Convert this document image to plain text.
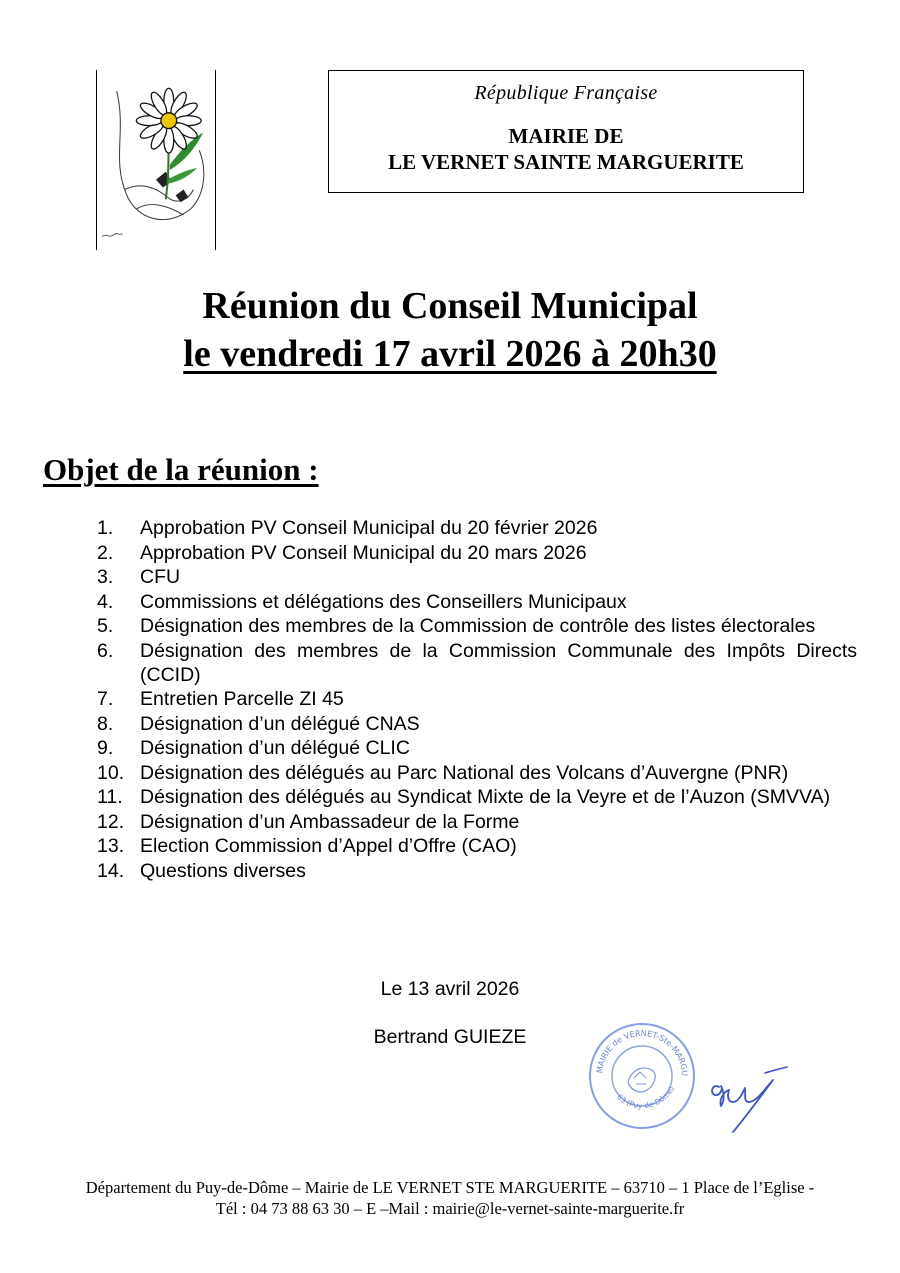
République Française
MAIRIE DE
LE VERNET SAINTE MARGUERITE
Réunion du Conseil Municipal
le vendredi 17 avril 2026 à 20h30
Objet de la réunion :
1.	Approbation PV Conseil Municipal du 20 février 2026
2.	Approbation PV Conseil Municipal du 20 mars 2026
3.	CFU
4.	Commissions et délégations des Conseillers Municipaux
5.	Désignation des membres de la Commission de contrôle des listes électorales
6.	Désignation des membres de la Commission Communale des Impôts Directs (CCID)
7.	Entretien Parcelle ZI 45
8.	Désignation d’un délégué CNAS
9.	Désignation d’un délégué CLIC
10. Désignation des délégués au Parc National des Volcans d’Auvergne (PNR)
11. Désignation des délégués au Syndicat Mixte de la Veyre et de l’Auzon (SMVVA)
12. Désignation d’un Ambassadeur de la Forme
13. Election Commission d’Appel d’Offre (CAO)
14. Questions diverses
Le 13 avril 2026
Bertrand GUIEZE
MAIRIE de VERNET-Ste-MARGU
63 (Puy-de-Dôme)
Département du Puy-de-Dôme – Mairie de LE VERNET STE MARGUERITE – 63710 – 1 Place de l’Eglise -
Tél : 04 73 88 63 30 – E –Mail : mairie@le-vernet-sainte-marguerite.fr
